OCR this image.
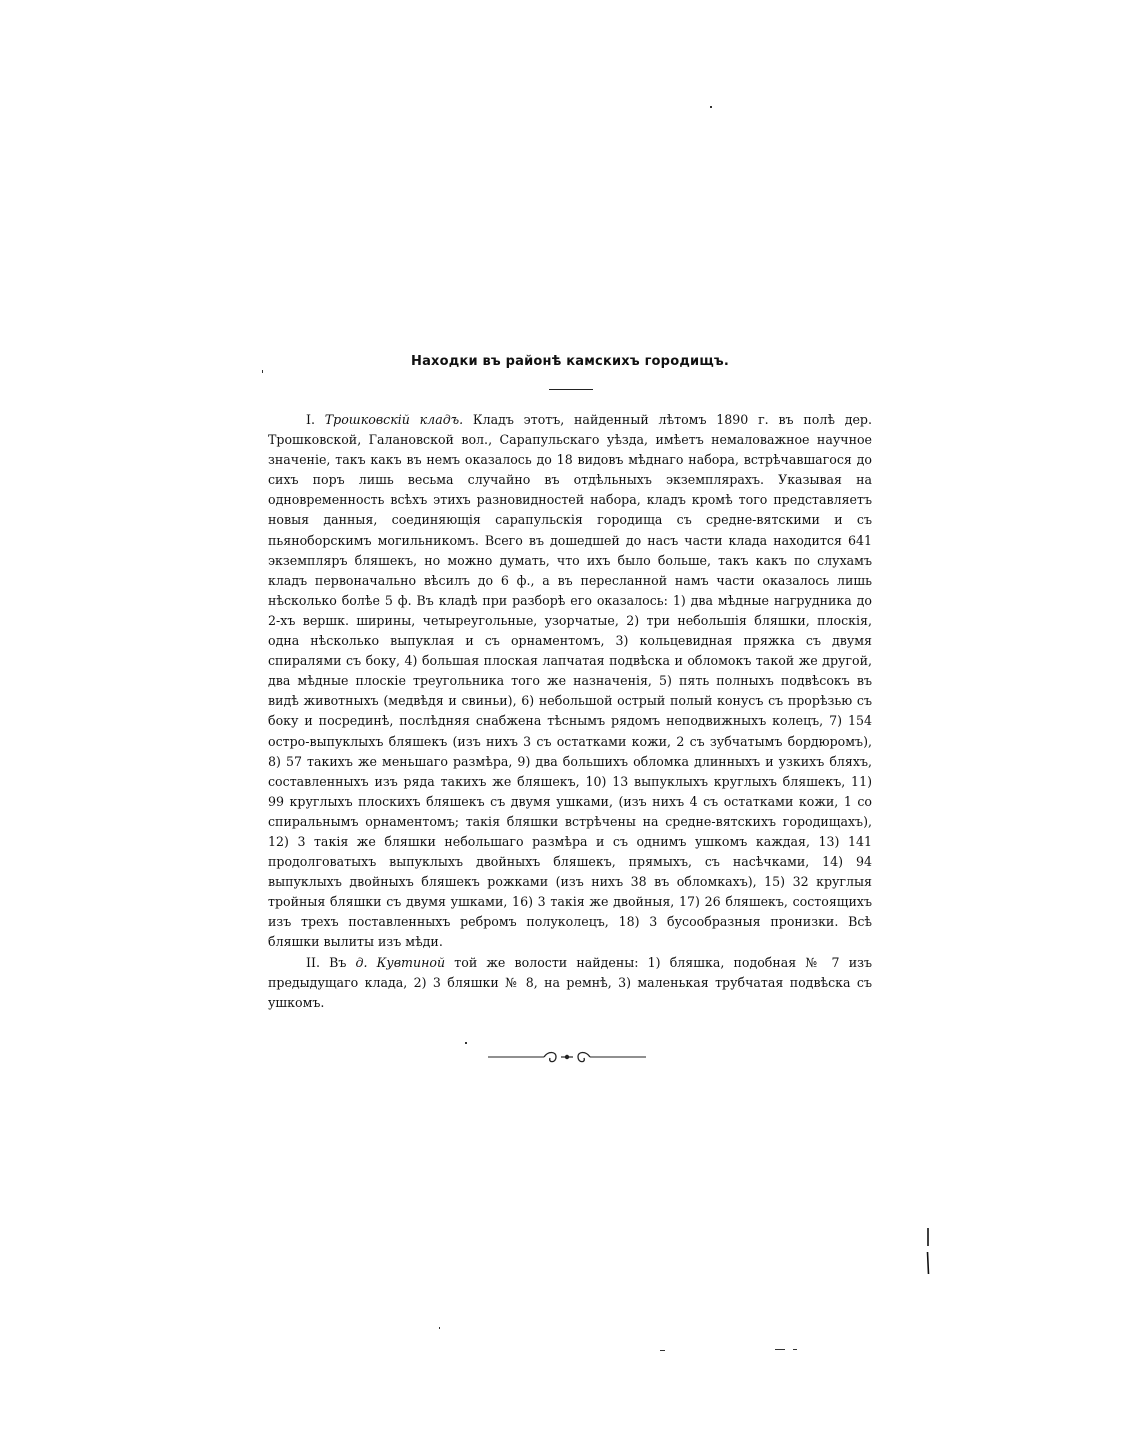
Находки въ районѣ камскихъ городищъ.

I. Трошковскій кладъ. Кладъ этотъ, найденный лѣтомъ 1890 г. въ полѣ дер. Трошковской, Галановской вол., Сарапульскаго уѣзда, имѣетъ немаловажное научное значеніе, такъ какъ въ немъ оказалось до 18 видовъ мѣднаго набора, встрѣчавшагося до сихъ поръ лишь весьма случайно въ отдѣльныхъ экземплярахъ. Указывая на одновременность всѣхъ этихъ разновидностей набора, кладъ кромѣ того представляетъ новыя данныя, соединяющія сарапульскія городища съ средне-вятскими и съ пьяноборскимъ могильникомъ. Всего въ дошедшей до насъ части клада находится 641 экземпляръ бляшекъ, но можно думать, что ихъ было больше, такъ какъ по слухамъ кладъ первоначально вѣсилъ до 6 ф., а въ пересланной намъ части оказалось лишь нѣсколько болѣе 5 ф. Въ кладѣ при разборѣ его оказалось: 1) два мѣдные нагрудника до 2-хъ вершк. ширины, четыреугольные, узорчатые, 2) три небольшія бляшки, плоскія, одна нѣсколько выпуклая и съ орнаментомъ, 3) кольцевидная пряжка съ двумя спиралями съ боку, 4) большая плоская лапчатая подвѣска и обломокъ такой же другой, два мѣдные плоскіе треугольника того же назначенія, 5) пять полныхъ подвѣсокъ въ видѣ животныхъ (медвѣдя и свиньи), 6) небольшой острый полый конусъ съ прорѣзью съ боку и посрединѣ, послѣдняя снабжена тѣснымъ рядомъ неподвижныхъ колецъ, 7) 154 остро-выпуклыхъ бляшекъ (изъ нихъ 3 съ остатками кожи, 2 съ зубчатымъ бордюромъ), 8) 57 такихъ же меньшаго размѣра, 9) два большихъ обломка длинныхъ и узкихъ бляхъ, составленныхъ изъ ряда такихъ же бляшекъ, 10) 13 выпуклыхъ круглыхъ бляшекъ, 11) 99 круглыхъ плоскихъ бляшекъ съ двумя ушками, (изъ нихъ 4 съ остатками кожи, 1 со спиральнымъ орнаментомъ; такія бляшки встрѣчены на средне-вятскихъ городищахъ), 12) 3 такія же бляшки небольшаго размѣра и съ однимъ ушкомъ каждая, 13) 141 продолговатыхъ выпуклыхъ двойныхъ бляшекъ, прямыхъ, съ насѣчками, 14) 94 выпуклыхъ двойныхъ бляшекъ рожками (изъ нихъ 38 въ обломкахъ), 15) 32 круглыя тройныя бляшки съ двумя ушками, 16) 3 такія же двойныя, 17) 26 бляшекъ, состоящихъ изъ трехъ поставленныхъ ребромъ полуколецъ, 18) 3 бусообразныя пронизки. Всѣ бляшки вылиты изъ мѣди.

II. Въ д. Кувтиной той же волости найдены: 1) бляшка, подобная № 7 изъ предыдущаго клада, 2) 3 бляшки № 8, на ремнѣ, 3) маленькая трубчатая подвѣска съ ушкомъ.
